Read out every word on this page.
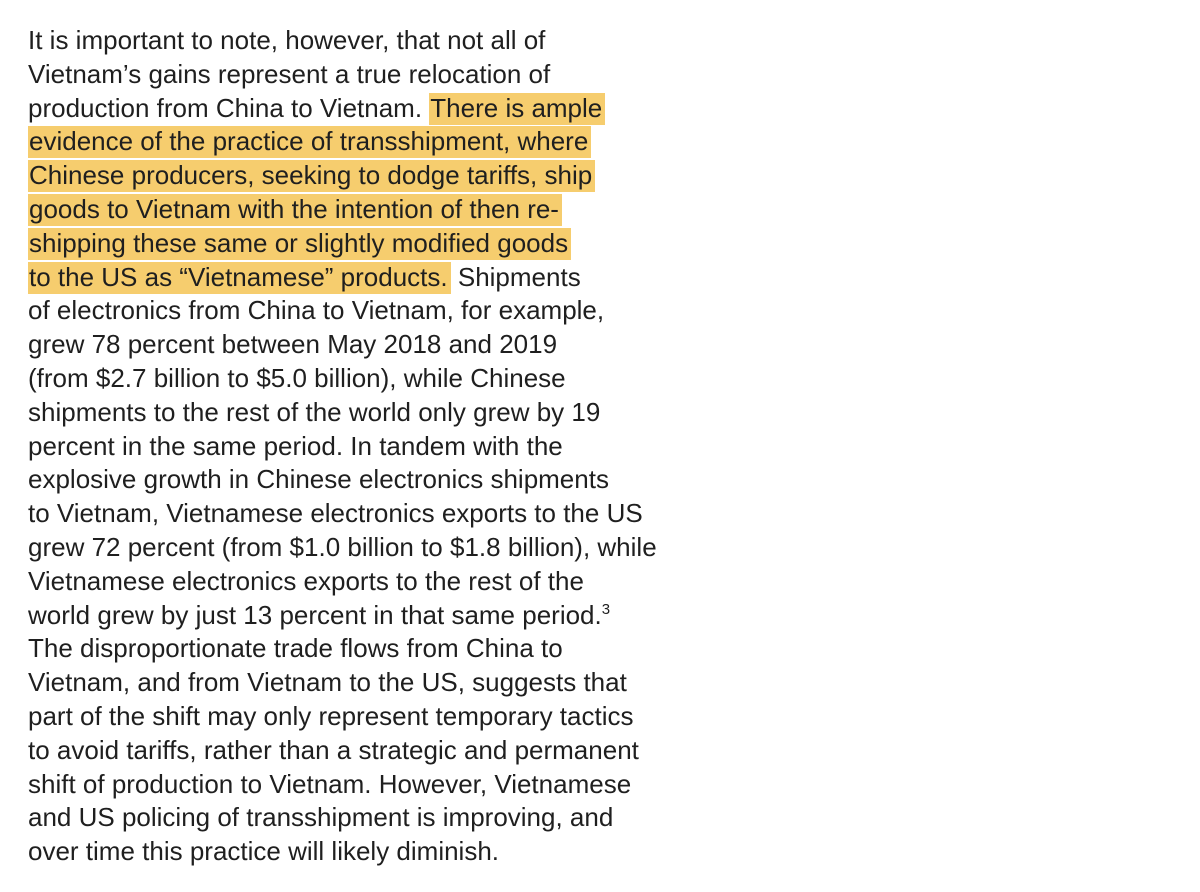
It is important to note, however, that not all of
Vietnam’s gains represent a true relocation of
production from China to Vietnam. There is ample
evidence of the practice of transshipment, where
Chinese producers, seeking to dodge tariffs, ship
goods to Vietnam with the intention of then re-
shipping these same or slightly modified goods
to the US as “Vietnamese” products. Shipments
of electronics from China to Vietnam, for example,
grew 78 percent between May 2018 and 2019
(from $2.7 billion to $5.0 billion), while Chinese
shipments to the rest of the world only grew by 19
percent in the same period. In tandem with the
explosive growth in Chinese electronics shipments
to Vietnam, Vietnamese electronics exports to the US
grew 72 percent (from $1.0 billion to $1.8 billion), while
Vietnamese electronics exports to the rest of the
world grew by just 13 percent in that same period.$^3$
The disproportionate trade flows from China to
Vietnam, and from Vietnam to the US, suggests that
part of the shift may only represent temporary tactics
to avoid tariffs, rather than a strategic and permanent
shift of production to Vietnam. However, Vietnamese
and US policing of transshipment is improving, and
over time this practice will likely diminish.
